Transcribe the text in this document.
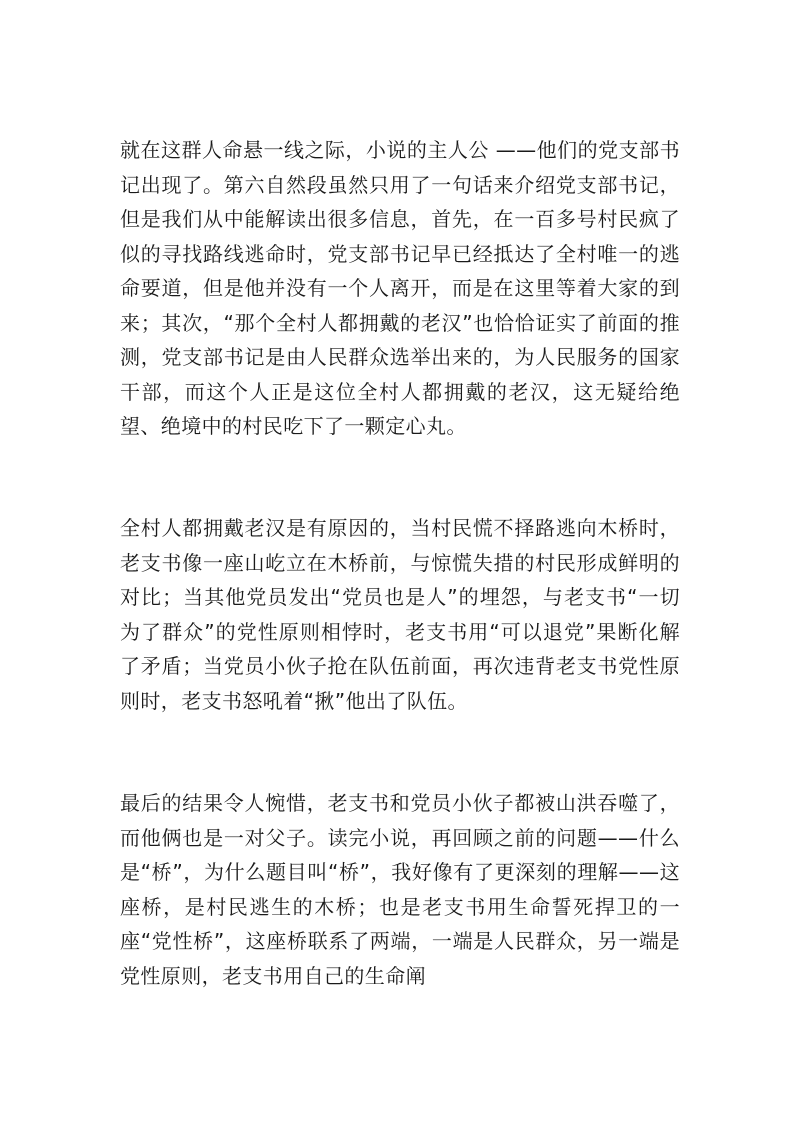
就在这群人命悬一线之际，小说的主人公 ——他们的党支部书记出现了。第六自然段虽然只用了一句话来介绍党支部书记，但是我们从中能解读出很多信息，首先，在一百多号村民疯了似的寻找路线逃命时，党支部书记早已经抵达了全村唯一的逃命要道，但是他并没有一个人离开，而是在这里等着大家的到来；其次，“那个全村人都拥戴的老汉”也恰恰证实了前面的推测，党支部书记是由人民群众选举出来的，为人民服务的国家干部，而这个人正是这位全村人都拥戴的老汉，这无疑给绝望、绝境中的村民吃下了一颗定心丸。

全村人都拥戴老汉是有原因的，当村民慌不择路逃向木桥时，老支书像一座山屹立在木桥前，与惊慌失措的村民形成鲜明的对比；当其他党员发出“党员也是人”的埋怨，与老支书“一切为了群众”的党性原则相悖时，老支书用“可以退党”果断化解了矛盾；当党员小伙子抢在队伍前面，再次违背老支书党性原则时，老支书怒吼着“揪”他出了队伍。

最后的结果令人惋惜，老支书和党员小伙子都被山洪吞噬了，而他俩也是一对父子。读完小说，再回顾之前的问题——什么是“桥”，为什么题目叫“桥”，我好像有了更深刻的理解——这座桥，是村民逃生的木桥；也是老支书用生命誓死捍卫的一座“党性桥”，这座桥联系了两端，一端是人民群众，另一端是党性原则，老支书用自己的生命阐
